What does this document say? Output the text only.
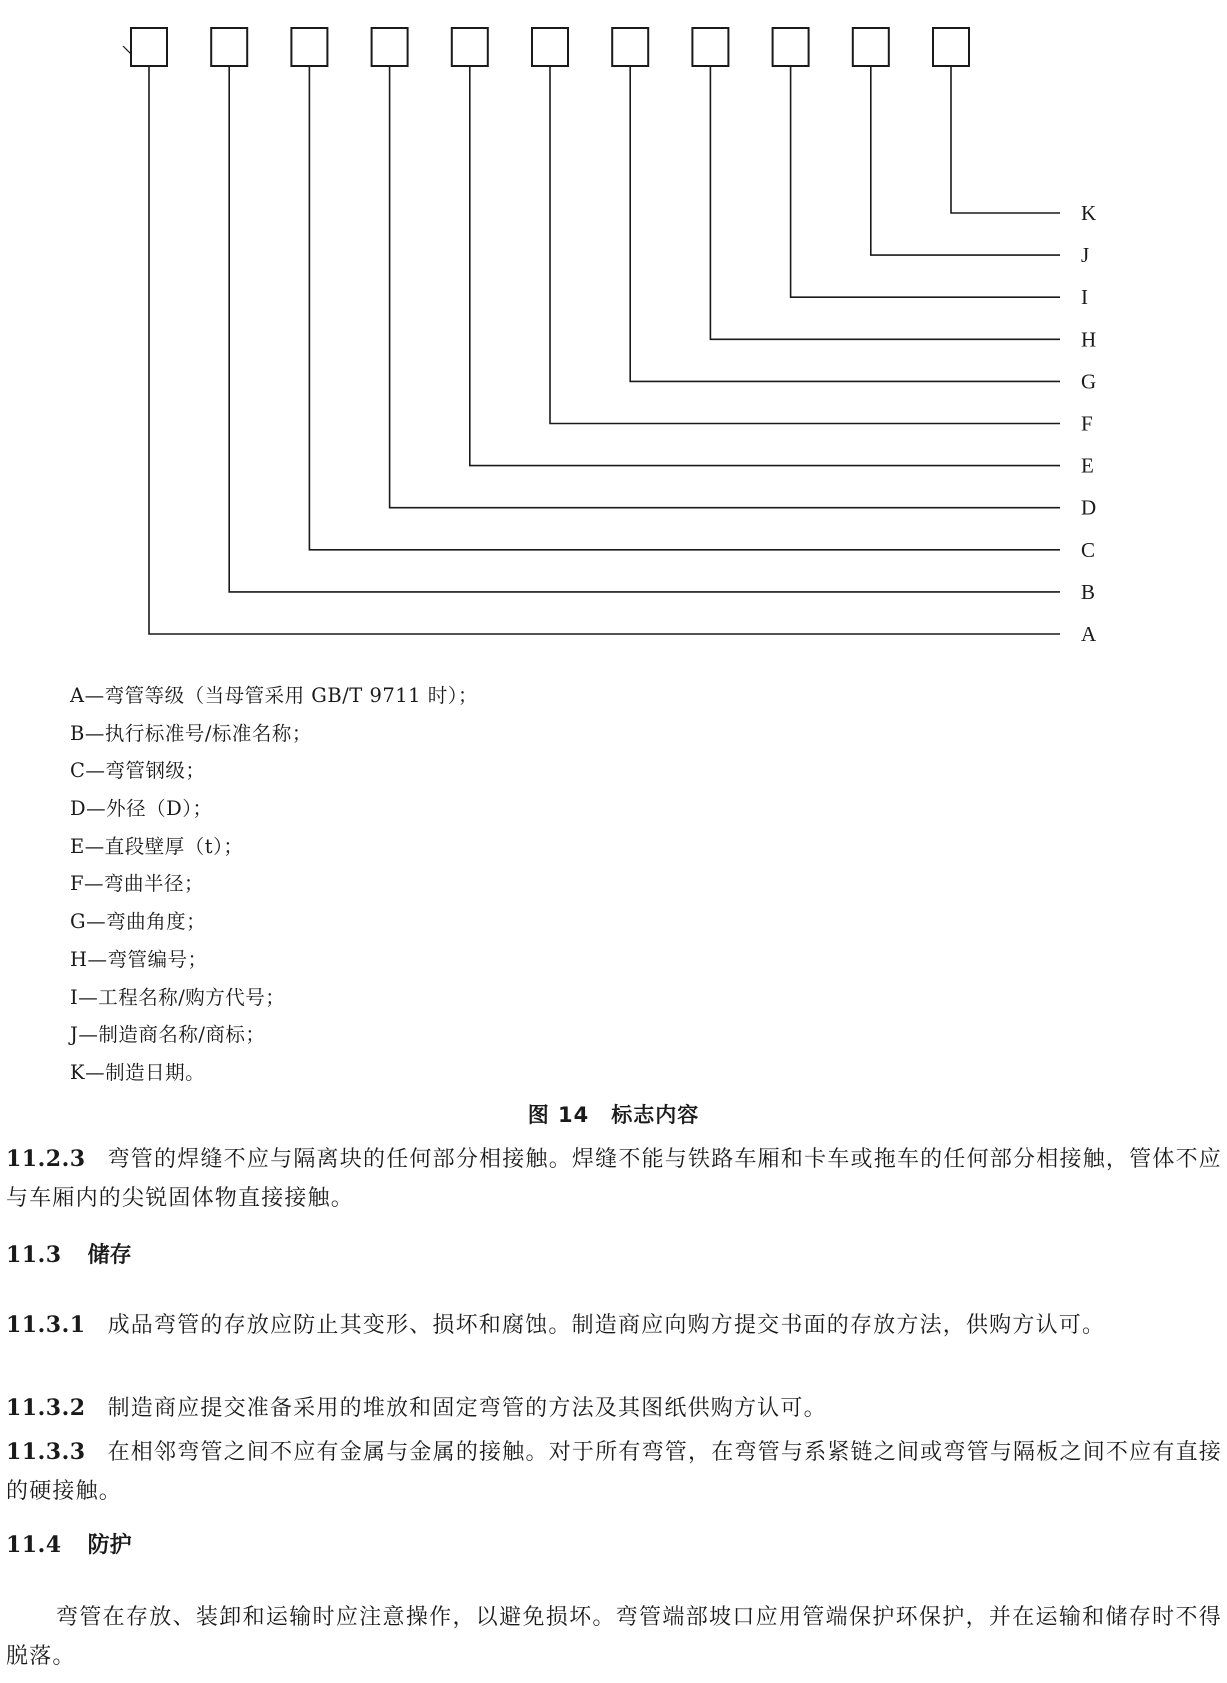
K
J
I
H
G
F
E
D
C
B
A
A—弯管等级（当母管采用 GB/T 9711 时）；
B—执行标准号/标准名称；
C—弯管钢级；
D—外径（D）；
E—直段壁厚（t）；
F—弯曲半径；
G—弯曲角度；
H—弯管编号；
I—工程名称/购方代号；
J—制造商名称/商标；
K—制造日期。
图 14 标志内容

11.2.3 弯管的焊缝不应与隔离块的任何部分相接触。焊缝不能与铁路车厢和卡车或拖车的任何部分相接触，管体不应与车厢内的尖锐固体物直接接触。

11.3 储存

11.3.1 成品弯管的存放应防止其变形、损坏和腐蚀。制造商应向购方提交书面的存放方法，供购方认可。

11.3.2 制造商应提交准备采用的堆放和固定弯管的方法及其图纸供购方认可。

11.3.3 在相邻弯管之间不应有金属与金属的接触。对于所有弯管，在弯管与系紧链之间或弯管与隔板之间不应有直接的硬接触。

11.4 防护

弯管在存放、装卸和运输时应注意操作，以避免损坏。弯管端部坡口应用管端保护环保护，并在运输和储存时不得脱落。
